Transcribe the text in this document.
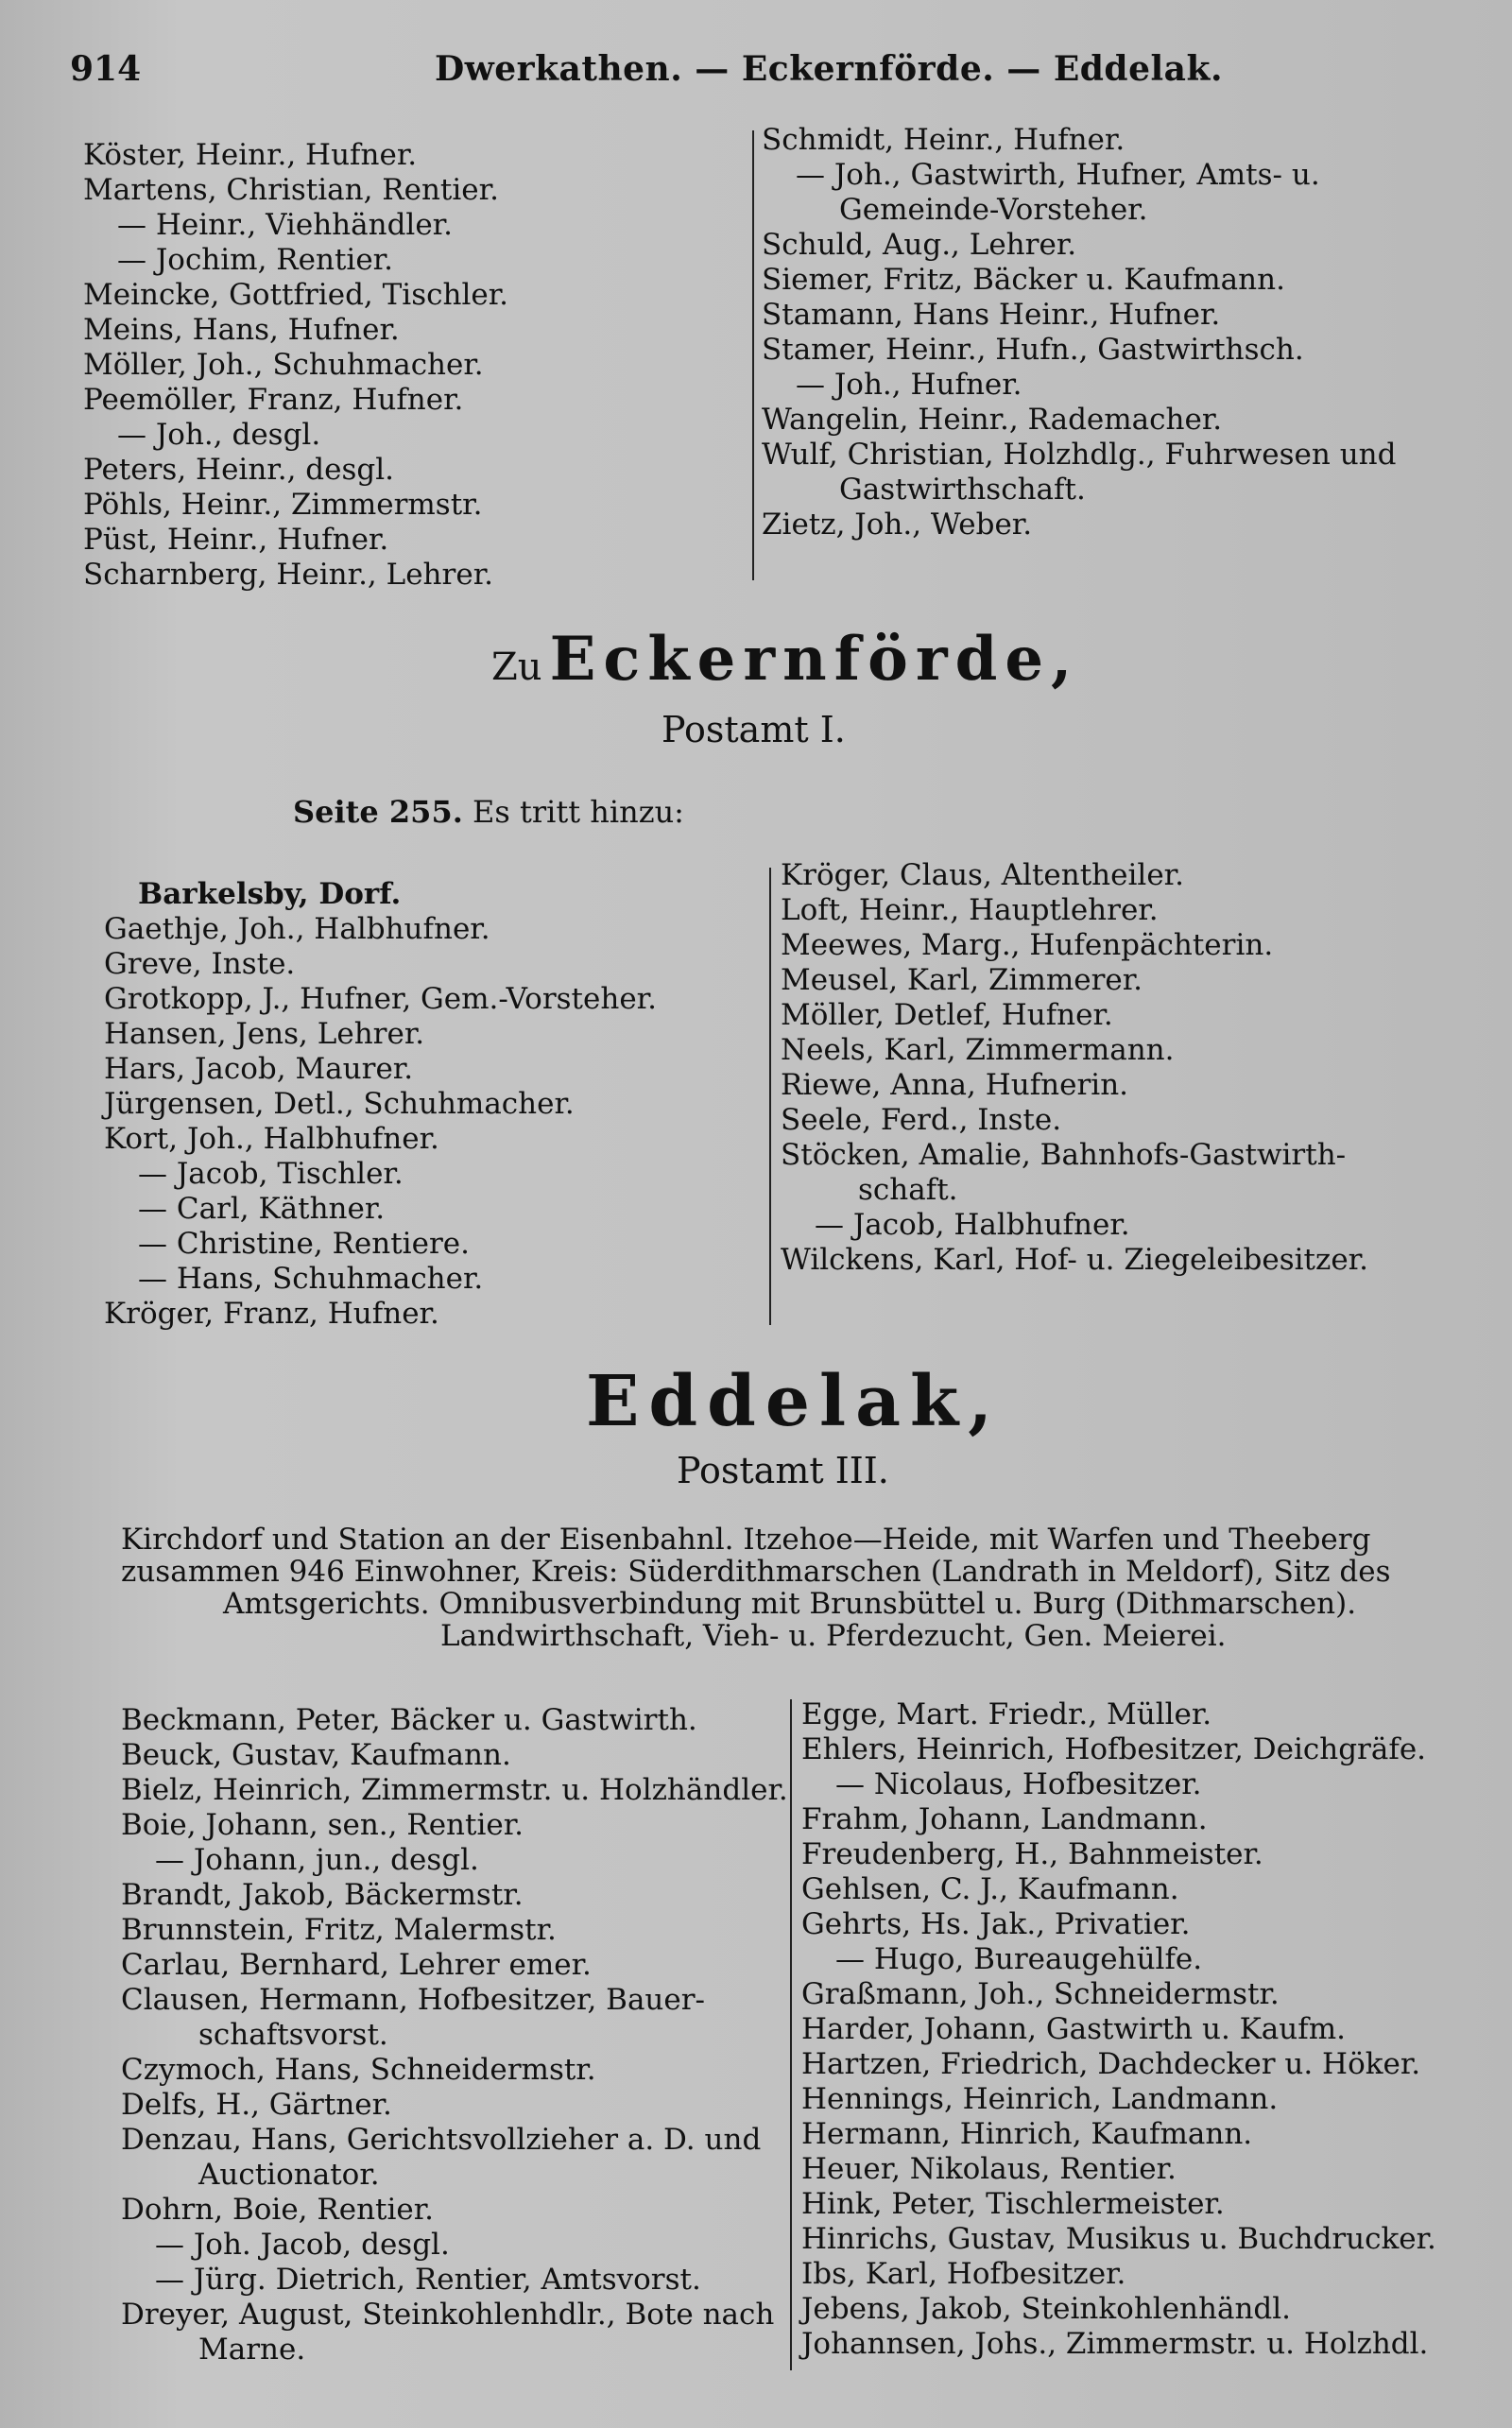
914	Dwerkathen. — Eckernförde. — Eddelak.
Köster, Heinr., Hufner.
Martens, Christian, Rentier.
— Heinr., Viehhändler.
— Jochim, Rentier.
Meincke, Gottfried, Tischler.
Meins, Hans, Hufner.
Möller, Joh., Schuhmacher.
Peemöller, Franz, Hufner.
— Joh., desgl.
Peters, Heinr., desgl.
Pöhls, Heinr., Zimmermstr.
Püst, Heinr., Hufner.
Scharnberg, Heinr., Lehrer.
Schmidt, Heinr., Hufner.
— Joh., Gastwirth, Hufner, Amts- u.
Gemeinde-Vorsteher.
Schuld, Aug., Lehrer.
Siemer, Fritz, Bäcker u. Kaufmann.
Stamann, Hans Heinr., Hufner.
Stamer, Heinr., Hufn., Gastwirthsch.
— Joh., Hufner.
Wangelin, Heinr., Rademacher.
Wulf, Christian, Holzhdlg., Fuhrwesen und
Gastwirthschaft.
Zietz, Joh., Weber.
Zu Eckernförde,
Postamt I.
Seite 255. Es tritt hinzu:
Barkelsby, Dorf.
Gaethje, Joh., Halbhufner.
Greve, Inste.
Grotkopp, J., Hufner, Gem.-Vorsteher.
Hansen, Jens, Lehrer.
Hars, Jacob, Maurer.
Jürgensen, Detl., Schuhmacher.
Kort, Joh., Halbhufner.
— Jacob, Tischler.
— Carl, Käthner.
— Christine, Rentiere.
— Hans, Schuhmacher.
Kröger, Franz, Hufner.
Kröger, Claus, Altentheiler.
Loft, Heinr., Hauptlehrer.
Meewes, Marg., Hufenpächterin.
Meusel, Karl, Zimmerer.
Möller, Detlef, Hufner.
Neels, Karl, Zimmermann.
Riewe, Anna, Hufnerin.
Seele, Ferd., Inste.
Stöcken, Amalie, Bahnhofs-Gastwirth-
schaft.
— Jacob, Halbhufner.
Wilckens, Karl, Hof- u. Ziegeleibesitzer.
Eddelak,
Postamt III.
Kirchdorf und Station an der Eisenbahnl. Itzehoe—Heide, mit Warfen und Theeberg
zusammen 946 Einwohner, Kreis: Süderdithmarschen (Landrath in Meldorf), Sitz des
Amtsgerichts. Omnibusverbindung mit Brunsbüttel u. Burg (Dithmarschen).
Landwirthschaft, Vieh- u. Pferdezucht, Gen. Meierei.
Beckmann, Peter, Bäcker u. Gastwirth.
Beuck, Gustav, Kaufmann.
Bielz, Heinrich, Zimmermstr. u. Holzhändler.
Boie, Johann, sen., Rentier.
— Johann, jun., desgl.
Brandt, Jakob, Bäckermstr.
Brunnstein, Fritz, Malermstr.
Carlau, Bernhard, Lehrer emer.
Clausen, Hermann, Hofbesitzer, Bauer-
schaftsvorst.
Czymoch, Hans, Schneidermstr.
Delfs, H., Gärtner.
Denzau, Hans, Gerichtsvollzieher a. D. und
Auctionator.
Dohrn, Boie, Rentier.
— Joh. Jacob, desgl.
— Jürg. Dietrich, Rentier, Amtsvorst.
Dreyer, August, Steinkohlenhdlr., Bote nach
Marne.
Egge, Mart. Friedr., Müller.
Ehlers, Heinrich, Hofbesitzer, Deichgräfe.
— Nicolaus, Hofbesitzer.
Frahm, Johann, Landmann.
Freudenberg, H., Bahnmeister.
Gehlsen, C. J., Kaufmann.
Gehrts, Hs. Jak., Privatier.
— Hugo, Bureaugehülfe.
Graßmann, Joh., Schneidermstr.
Harder, Johann, Gastwirth u. Kaufm.
Hartzen, Friedrich, Dachdecker u. Höker.
Hennings, Heinrich, Landmann.
Hermann, Hinrich, Kaufmann.
Heuer, Nikolaus, Rentier.
Hink, Peter, Tischlermeister.
Hinrichs, Gustav, Musikus u. Buchdrucker.
Ibs, Karl, Hofbesitzer.
Jebens, Jakob, Steinkohlenhändl.
Johannsen, Johs., Zimmermstr. u. Holzhdl.
